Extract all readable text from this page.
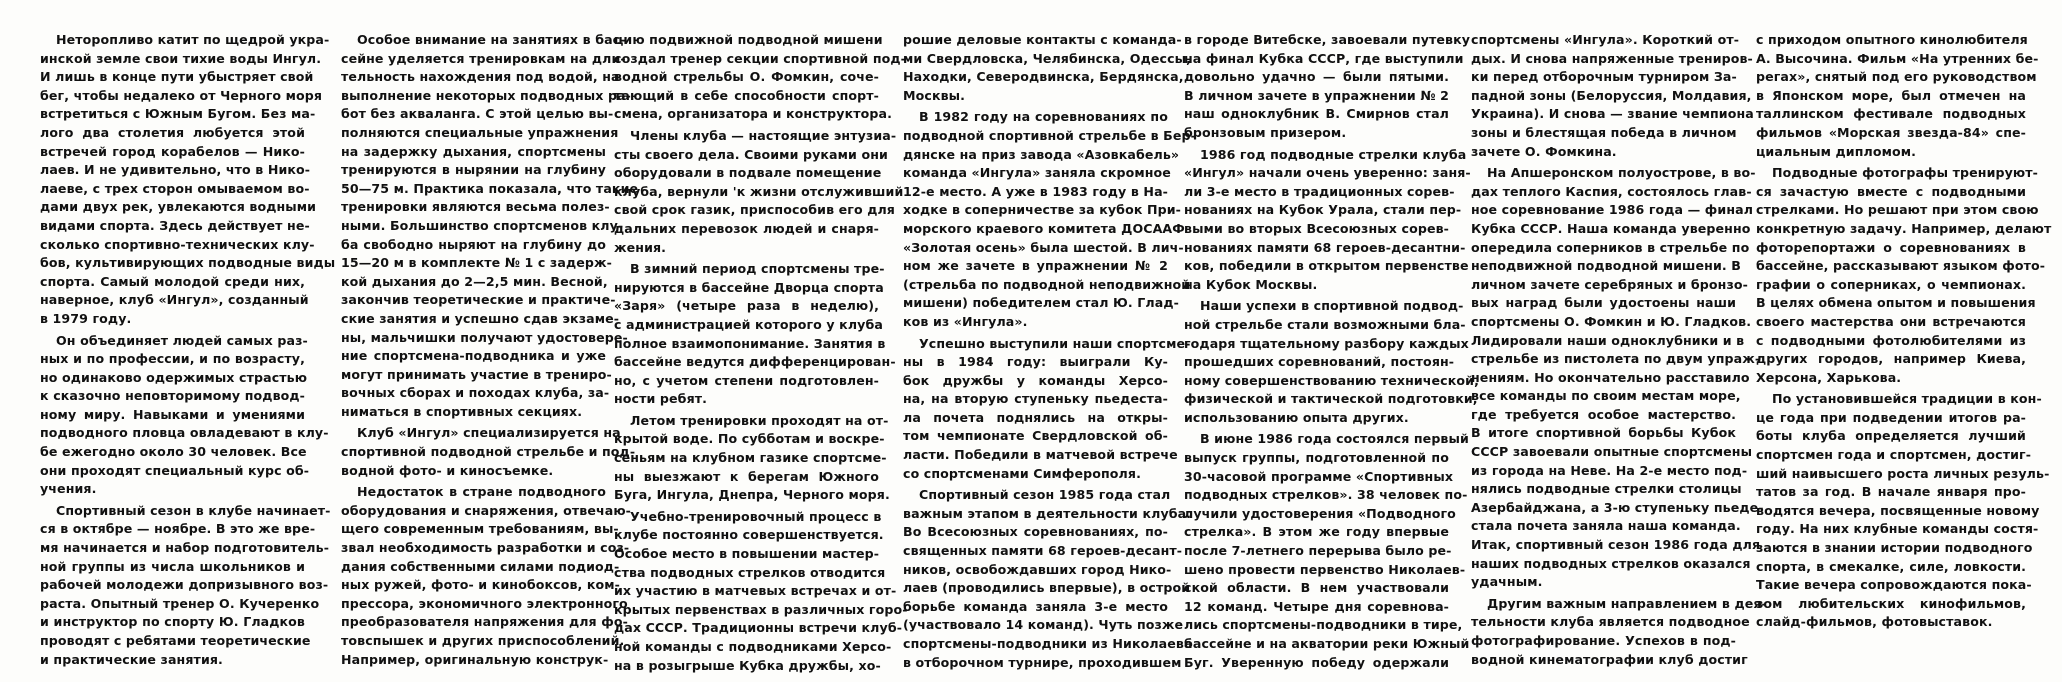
Неторопливо катит по щедрой укра-
инской земле свои тихие воды Ингул.
И лишь в конце пути убыстряет свой
бег, чтобы недалеко от Черного моря
встретиться с Южным Бугом. Без ма-
лого два столетия любуется этой
встречей город корабелов — Нико-
лаев. И не удивительно, что в Нико-
лаеве, с трех сторон омываемом во-
дами двух рек, увлекаются водными
видами спорта. Здесь действует не-
сколько спортивно-технических клу-
бов, культивирующих подводные виды
спорта. Самый молодой среди них,
наверное, клуб «Ингул», созданный
в 1979 году.
Он объединяет людей самых раз-
ных и по профессии, и по возрасту,
но одинаково одержимых страстью
к сказочно неповторимому подвод-
ному миру. Навыками и умениями
подводного пловца овладевают в клу-
бе ежегодно около 30 человек. Все
они проходят специальный курс об-
учения.
Спортивный сезон в клубе начинает-
ся в октябре — ноябре. В это же вре-
мя начинается и набор подготовитель-
ной группы из числа школьников и
рабочей молодежи допризывного воз-
раста. Опытный тренер О. Кучеренко
и инструктор по спорту Ю. Гладков
проводят с ребятами теоретические
и практические занятия.
Особое внимание на занятиях в бас-
сейне уделяется тренировкам на дли-
тельность нахождения под водой, на
выполнение некоторых подводных ра-
бот без акваланга. С этой целью вы-
полняются специальные упражнения
на задержку дыхания, спортсмены
тренируются в нырянии на глубину
50—75 м. Практика показала, что такие
тренировки являются весьма полез-
ными. Большинство спортсменов клу-
ба свободно ныряют на глубину до
15—20 м в комплекте № 1 с задерж-
кой дыхания до 2—2,5 мин. Весной,
закончив теоретические и практиче-
ские занятия и успешно сдав экзаме-
ны, мальчишки получают удостовере-
ние спортсмена-подводника и уже
могут принимать участие в трениро-
вочных сборах и походах клуба, за-
ниматься в спортивных секциях.
Клуб «Ингул» специализируется на
спортивной подводной стрельбе и под-
водной фото- и киносъемке.
Недостаток в стране подводного
оборудования и снаряжения, отвечаю-
щего современным требованиям, вы-
звал необходимость разработки и соз-
дания собственными силами подиод-
ных ружей, фото- и кинобоксов, ком-
прессора, экономичного электронного
преобразователя напряжения для фо-
товспышек и других приспособлений.
Например, оригинальную конструк-
цию подвижной подводной мишени
создал тренер секции спортивной под-
водной стрельбы О. Фомкин, соче-
тающий в себе способности спорт-
смена, организатора и конструктора.
Члены клуба — настоящие энтузиа-
сты своего дела. Своими руками они
оборудовали в подвале помещение
клуба, вернули 'к жизни отслуживший
свой срок газик, приспособив его для
дальних перевозок людей и снаря-
жения.
В зимний период спортсмены тре-
нируются в бассейне Дворца спорта
«Заря» (четыре раза в неделю),
с администрацией которого у клуба
полное взаимопонимание. Занятия в
бассейне ведутся дифференцирован-
но, с учетом степени подготовлен-
ности ребят.
Летом тренировки проходят на от-
крытой воде. По субботам и воскре-
сеньям на клубном газике спортсме-
ны выезжают к берегам Южного
Буга, Ингула, Днепра, Черного моря.
Учебно-тренировочный процесс в
клубе постоянно совершенствуется.
Особое место в повышении мастер-
ства подводных стрелков отводится
их участию в матчевых встречах и от-
крытых первенствах в различных горо-
дах СССР. Традиционны встречи клуб-
ной команды с подводниками Херсо-
на в розыгрыше Кубка дружбы, хо-
рошие деловые контакты с команда-
ми Свердловска, Челябинска, Одессы,
Находки, Северодвинска, Бердянска,
Москвы.
В 1982 году на соревнованиях по
подводной спортивной стрельбе в Бер-
дянске на приз завода «Азовкабель»
команда «Ингула» заняла скромное
12-е место. А уже в 1983 году в На-
ходке в соперничестве за кубок При-
морского краевого комитета ДОСААФ
«Золотая осень» была шестой. В лич-
ном же зачете в упражнении № 2
(стрельба по подводной неподвижной
мишени) победителем стал Ю. Глад-
ков из «Ингула».
Успешно выступили наши спортсме-
ны в 1984 году: выиграли Ку-
бок дружбы у команды Херсо-
на, на вторую ступеньку пьедеста-
ла почета поднялись на откры-
том чемпионате Свердловской об-
ласти. Победили в матчевой встрече
со спортсменами Симферополя.
Спортивный сезон 1985 года стал
важным этапом в деятельности клуба.
Во Всесоюзных соревнованиях, по-
священных памяти 68 героев-десант-
ников, освобождавших город Нико-
лаев (проводились впервые), в острой
борьбе команда заняла 3-е место
(участвовало 14 команд). Чуть позже
спортсмены-подводники из Николаева
в отборочном турнире, проходившем
в городе Витебске, завоевали путевку
на финал Кубка СССР, где выступили
довольно удачно — были пятыми.
В личном зачете в упражнении № 2
наш одноклубник В. Смирнов стал
бронзовым призером.
1986 год подводные стрелки клуба
«Ингул» начали очень уверенно: заня-
ли 3-е место в традиционных сорев-
нованиях на Кубок Урала, стали пер-
выми во вторых Всесоюзных сорев-
нованиях памяти 68 героев-десантни-
ков, победили в открытом первенстве
на Кубок Москвы.
Наши успехи в спортивной подвод-
ной стрельбе стали возможными бла-
годаря тщательному разбору каждых
прошедших соревнований, постоян-
ному совершенствованию технической,
физической и тактической подготовки,
использованию опыта других.
В июне 1986 года состоялся первый
выпуск группы, подготовленной по
30-часовой программе «Спортивных
подводных стрелков». 38 человек по-
лучили удостоверения «Подводного
стрелка». В этом же году впервые
после 7-летнего перерыва было ре-
шено провести первенство Николаев-
ской области. В нем участвовали
12 команд. Четыре дня соревнова-
лись спортсмены-подводники в тире,
бассейне и на акватории реки Южный
Буг. Уверенную победу одержали
спортсмены «Ингула». Короткий от-
дых. И снова напряженные трениров-
ки перед отборочным турниром За-
падной зоны (Белоруссия, Молдавия,
Украина). И снова — звание чемпиона
зоны и блестящая победа в личном
зачете О. Фомкина.
На Апшеронском полуострове, в во-
дах теплого Каспия, состоялось глав-
ное соревнование 1986 года — финал
Кубка СССР. Наша команда уверенно
опередила соперников в стрельбе по
неподвижной подводной мишени. В
личном зачете серебряных и бронзо-
вых наград были удостоены наши
спортсмены О. Фомкин и Ю. Гладков.
Лидировали наши одноклубники и в
стрельбе из пистолета по двум упраж-
нениям. Но окончательно расставило
все команды по своим местам море,
где требуется особое мастерство.
В итоге спортивной борьбы Кубок
СССР завоевали опытные спортсмены
из города на Неве. На 2-е место под-
нялись подводные стрелки столицы
Азербайджана, а 3-ю ступеньку пьеде-
стала почета заняла наша команда.
Итак, спортивный сезон 1986 года для
наших подводных стрелков оказался
удачным.
Другим важным направлением в дея-
тельности клуба является подводное
фотографирование. Успехов в под-
водной кинематографии клуб достиг
с приходом опытного кинолюбителя
А. Высочина. Фильм «На утренних бе-
регах», снятый под его руководством
в Японском море, был отмечен на
таллинском фестивале подводных
фильмов «Морская звезда-84» спе-
циальным дипломом.
Подводные фотографы тренируют-
ся зачастую вместе с подводными
стрелками. Но решают при этом свою
конкретную задачу. Например, делают
фоторепортажи о соревнованиях в
бассейне, рассказывают языком фото-
графии о соперниках, о чемпионах.
В целях обмена опытом и повышения
своего мастерства они встречаются
с подводными фотолюбителями из
других городов, например Киева,
Херсона, Харькова.
По установившейся традиции в кон-
це года при подведении итогов ра-
боты клуба определяется лучший
спортсмен года и спортсмен, достиг-
ший наивысшего роста личных резуль-
татов за год. В начале января про-
водятся вечера, посвященные новому
году. На них клубные команды состя-
заются в знании истории подводного
спорта, в смекалке, силе, ловкости.
Такие вечера сопровождаются пока-
зом любительских кинофильмов,
слайд-фильмов, фотовыставок.
